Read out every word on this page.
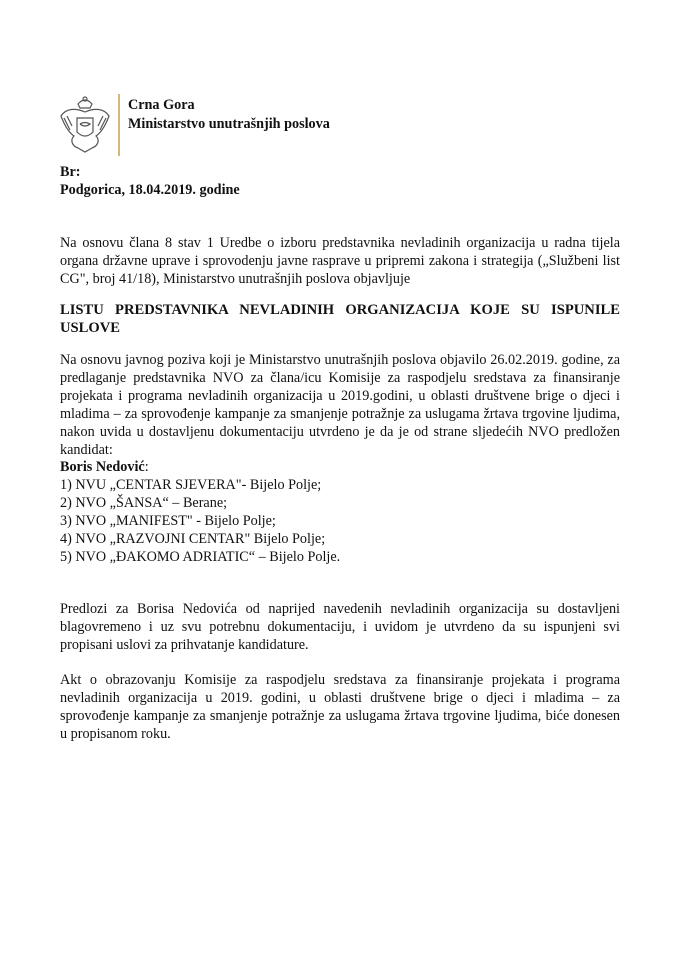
Crna Gora
Ministarstvo unutrašnjih poslova
Br:
Podgorica, 18.04.2019. godine
Na osnovu člana 8 stav 1 Uredbe o izboru predstavnika nevladinih organizacija u radna tijela organa državne uprave i sprovodenju javne rasprave u pripremi zakona i strategija („Službeni list CG", broj 41/18), Ministarstvo unutrašnjih poslova objavljuje
LISTU PREDSTAVNIKA NEVLADINIH ORGANIZACIJA KOJE SU ISPUNILE USLOVE
Na osnovu javnog poziva koji je Ministarstvo unutrašnjih poslova objavilo 26.02.2019. godine, za predlaganje predstavnika NVO za člana/icu Komisije za raspodjelu sredstava za finansiranje projekata i programa nevladinih organizacija u 2019.godini, u oblasti društvene brige o djeci i mladima – za sprovođenje kampanje za smanjenje potražnje za uslugama žrtava trgovine ljudima, nakon uvida u dostavljenu dokumentaciju utvrdeno je da je od strane sljedećih NVO predložen kandidat:
Boris Nedović:
1) NVU „CENTAR SJEVERA"- Bijelo Polje;
2) NVO „ŠANSA“ – Berane;
3) NVO „MANIFEST" - Bijelo Polje;
4) NVO „RAZVOJNI CENTAR" Bijelo Polje;
5) NVO „ĐAKOMO ADRIATIC“ – Bijelo Polje.
Predlozi za Borisa Nedovića od naprijed navedenih nevladinih organizacija su dostavljeni blagovremeno i uz svu potrebnu dokumentaciju, i uvidom je utvrdeno da su ispunjeni svi propisani uslovi za prihvatanje kandidature.
Akt o obrazovanju Komisije za raspodjelu sredstava za finansiranje projekata i programa nevladinih organizacija u 2019. godini, u oblasti društvene brige o djeci i mladima – za sprovođenje kampanje za smanjenje potražnje za uslugama žrtava trgovine ljudima, biće donesen u propisanom roku.
